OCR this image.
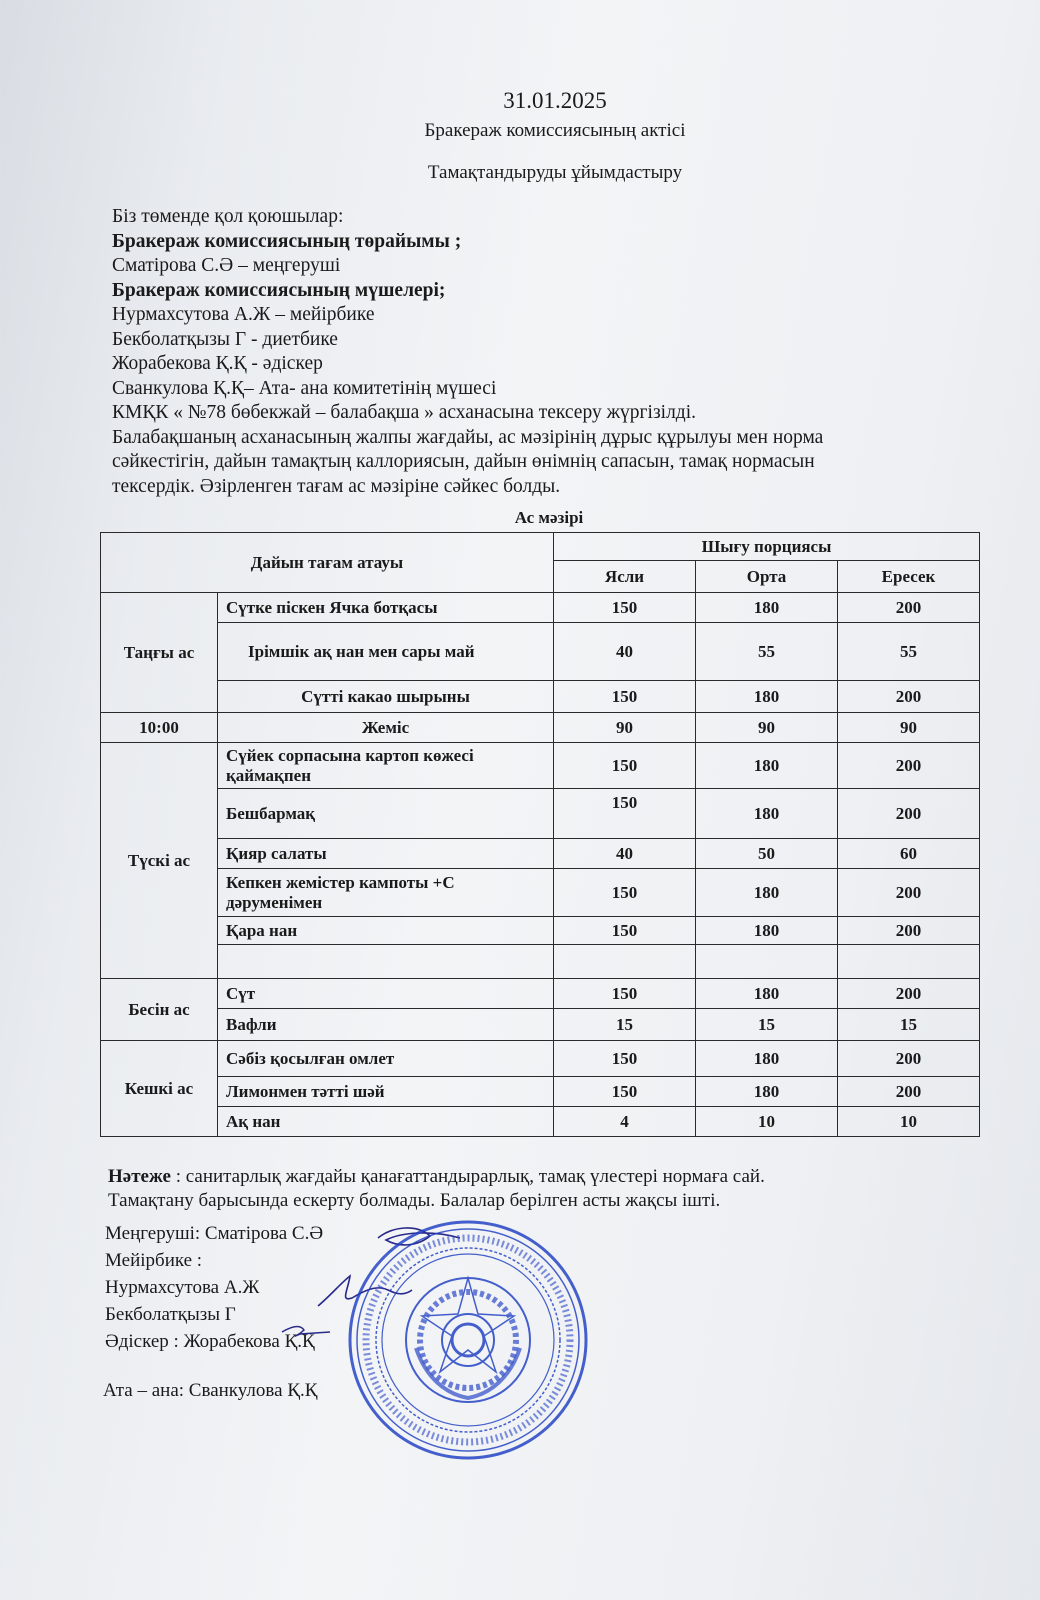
31.01.2025
Бракераж комиссиясының актісі
Тамақтандыруды ұйымдастыру
Біз төменде қол қоюшылар:
Бракераж комиссиясының төрайымы ;
Сматірова С.Ә – меңгеруші
Бракераж комиссиясының мүшелері;
Нурмахсутова А.Ж – мейірбике
Бекболатқызы Г - диетбике
Жорабекова Қ.Қ - әдіскер
Сванкулова Қ.Қ– Ата- ана комитетінің мүшесі
КМҚК « №78 бөбекжай – балабақша » асханасына тексеру жүргізілді.
Балабақшаның асханасының жалпы жағдайы, ас мәзірінің дұрыс құрылуы мен норма
сәйкестігін, дайын тамақтың каллориясын, дайын өнімнің сапасын, тамақ нормасын
тексердік. Әзірленген тағам ас мәзіріне сәйкес болды.
Ас мәзірі
Дайын тағам атауы		Шығу порциясы		
		Ясли	Орта	Ересек
Таңғы ас	Сүтке піскен Ячка ботқасы	150	180	200
	Ірімшік ақ нан мен сары май	40	55	55
	Сүтті какао шырыны	150	180	200
10:00	Жеміс	90	90	90
Түскі ас	Сүйек сорпасына картоп көжесі қаймақпен	150	180	200
	Бешбармақ	150	180	200
	Қияр салаты	40	50	60
	Кепкен жемістер кампоты +С дәруменімен	150	180	200
	Қара нан	150	180	200

Бесін ас	Сүт	150	180	200
	Вафли	15	15	15
Кешкі ас	Сәбіз қосылған омлет	150	180	200
	Лимонмен тәтті шәй	150	180	200
	Ақ нан	4	10	10
Нәтеже : санитарлық жағдайы қанағаттандырарлық, тамақ үлестері нормаға сай.
Тамақтану барысында ескерту болмады. Балалар берілген асты жақсы ішті.
Меңгеруші: Сматірова С.Ә
Мейірбике :
Нурмахсутова А.Ж
Бекболатқызы Г
Әдіскер : Жорабекова Қ.Қ
Ата – ана: Сванкулова Қ.Қ
